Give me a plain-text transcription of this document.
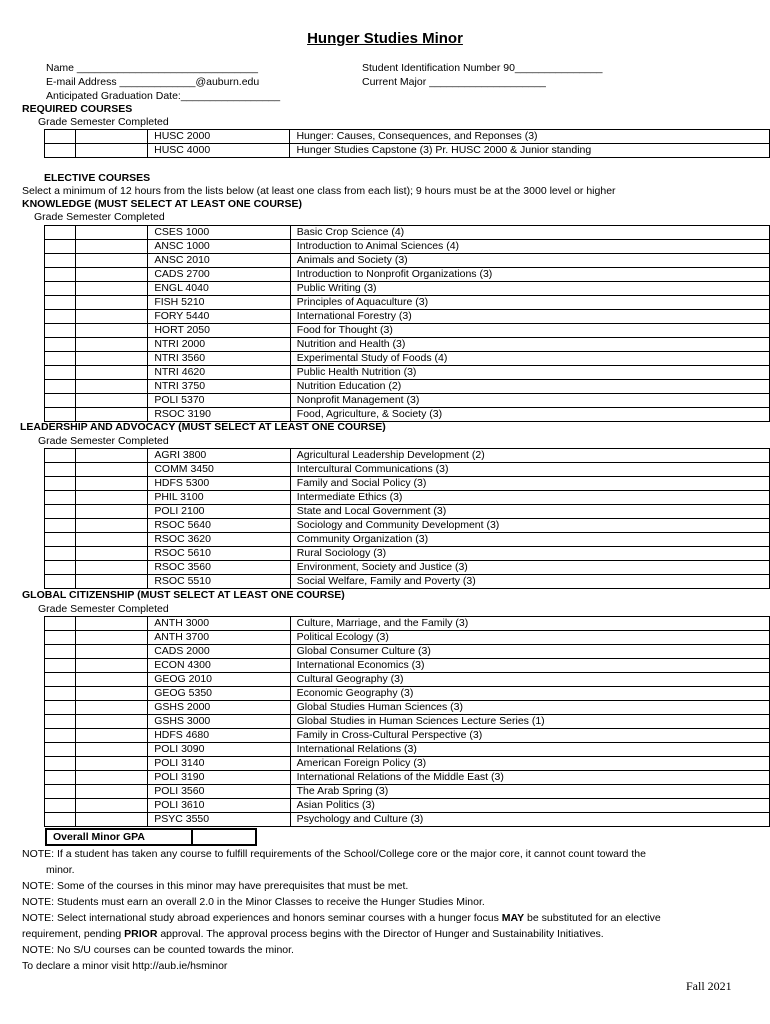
Hunger Studies Minor
Name _______________________________
E-mail Address _____________@auburn.edu
Anticipated Graduation Date:_________________
Student Identification Number 90_______________
Current Major ____________________
REQUIRED COURSES
Grade Semester Completed
		HUSC 2000	Hunger: Causes, Consequences, and Reponses (3)
		HUSC 4000	Hunger Studies Capstone (3) Pr. HUSC 2000 & Junior standing
ELECTIVE COURSES
Select a minimum of 12 hours from the lists below (at least one class from each list); 9 hours must be at the 3000 level or higher
KNOWLEDGE (MUST SELECT AT LEAST ONE COURSE)
Grade Semester Completed
		CSES 1000	Basic Crop Science (4)
		ANSC 1000	Introduction to Animal Sciences (4)
		ANSC 2010	Animals and Society (3)
		CADS 2700	Introduction to Nonprofit Organizations (3)
		ENGL 4040	Public Writing (3)
		FISH 5210	Principles of Aquaculture (3)
		FORY 5440	International Forestry (3)
		HORT 2050	Food for Thought (3)
		NTRI 2000	Nutrition and Health (3)
		NTRI 3560	Experimental Study of Foods (4)
		NTRI 4620	Public Health Nutrition (3)
		NTRI 3750	Nutrition Education (2)
		POLI 5370	Nonprofit Management (3)
		RSOC 3190	Food, Agriculture, & Society (3)
LEADERSHIP AND ADVOCACY (MUST SELECT AT LEAST ONE COURSE)
Grade Semester Completed
		AGRI 3800	Agricultural Leadership Development (2)
		COMM 3450	Intercultural Communications (3)
		HDFS 5300	Family and Social Policy (3)
		PHIL 3100	Intermediate Ethics (3)
		POLI 2100	State and Local Government (3)
		RSOC 5640	Sociology and Community Development (3)
		RSOC 3620	Community Organization (3)
		RSOC 5610	Rural Sociology (3)
		RSOC 3560	Environment, Society and Justice (3)
		RSOC 5510	Social Welfare, Family and Poverty (3)
GLOBAL CITIZENSHIP (MUST SELECT AT LEAST ONE COURSE)
Grade Semester Completed
		ANTH 3000	Culture, Marriage, and the Family (3)
		ANTH 3700	Political Ecology (3)
		CADS 2000	Global Consumer Culture (3)
		ECON 4300	International Economics (3)
		GEOG 2010	Cultural Geography (3)
		GEOG 5350	Economic Geography (3)
		GSHS 2000	Global Studies Human Sciences (3)
		GSHS 3000	Global Studies in Human Sciences Lecture Series (1)
		HDFS 4680	Family in Cross-Cultural Perspective (3)
		POLI 3090	International Relations (3)
		POLI 3140	American Foreign Policy (3)
		POLI 3190	International Relations of the Middle East (3)
		POLI 3560	The Arab Spring (3)
		POLI 3610	Asian Politics (3)
		PSYC 3550	Psychology and Culture (3)
Overall Minor GPA
NOTE: If a student has taken any course to fulfill requirements of the School/College core or the major core, it cannot count toward the
minor.
NOTE: Some of the courses in this minor may have prerequisites that must be met.
NOTE: Students must earn an overall 2.0 in the Minor Classes to receive the Hunger Studies Minor.
NOTE: Select international study abroad experiences and honors seminar courses with a hunger focus MAY be substituted for an elective
requirement, pending PRIOR approval. The approval process begins with the Director of Hunger and Sustainability Initiatives.
NOTE: No S/U courses can be counted towards the minor.
To declare a minor visit http://aub.ie/hsminor
Fall 2021
